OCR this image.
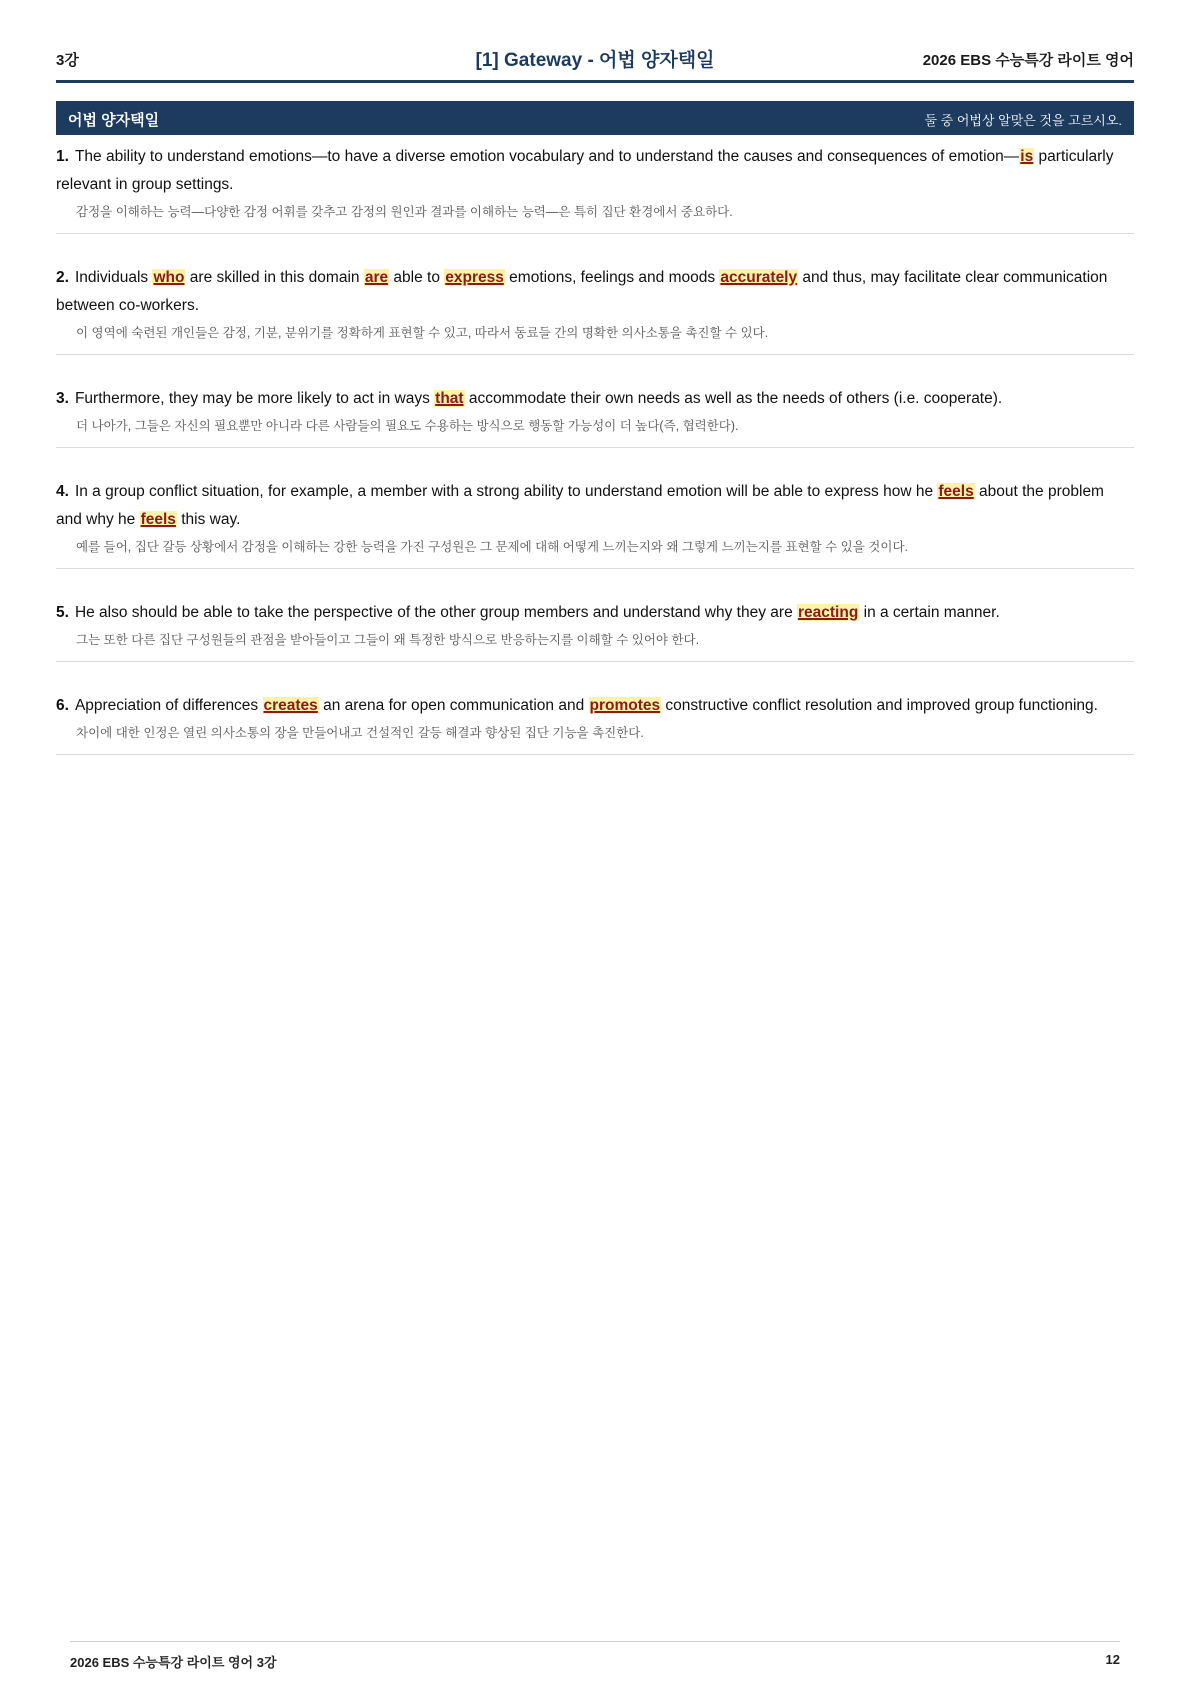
3강	[1] Gateway - 어법 양자택일	2026 EBS 수능특강 라이트 영어
어법 양자택일	둘 중 어법상 알맞은 것을 고르시오.
1. The ability to understand emotions—to have a diverse emotion vocabulary and to understand the causes and consequences of emotion—is particularly relevant in group settings.
감정을 이해하는 능력—다양한 감정 어휘를 갖추고 감정의 원인과 결과를 이해하는 능력—은 특히 집단 환경에서 중요하다.
2. Individuals who are skilled in this domain are able to express emotions, feelings and moods accurately and thus, may facilitate clear communication between co-workers.
이 영역에 숙련된 개인들은 감정, 기분, 분위기를 정확하게 표현할 수 있고, 따라서 동료들 간의 명확한 의사소통을 촉진할 수 있다.
3. Furthermore, they may be more likely to act in ways that accommodate their own needs as well as the needs of others (i.e. cooperate).
더 나아가, 그들은 자신의 필요뿐만 아니라 다른 사람들의 필요도 수용하는 방식으로 행동할 가능성이 더 높다(즉, 협력한다).
4. In a group conflict situation, for example, a member with a strong ability to understand emotion will be able to express how he feels about the problem and why he feels this way.
예를 들어, 집단 갈등 상황에서 감정을 이해하는 강한 능력을 가진 구성원은 그 문제에 대해 어떻게 느끼는지와 왜 그렇게 느끼는지를 표현할 수 있을 것이다.
5. He also should be able to take the perspective of the other group members and understand why they are reacting in a certain manner.
그는 또한 다른 집단 구성원들의 관점을 받아들이고 그들이 왜 특정한 방식으로 반응하는지를 이해할 수 있어야 한다.
6. Appreciation of differences creates an arena for open communication and promotes constructive conflict resolution and improved group functioning.
차이에 대한 인정은 열린 의사소통의 장을 만들어내고 건설적인 갈등 해결과 향상된 집단 기능을 촉진한다.
2026 EBS 수능특강 라이트 영어 3강	12
